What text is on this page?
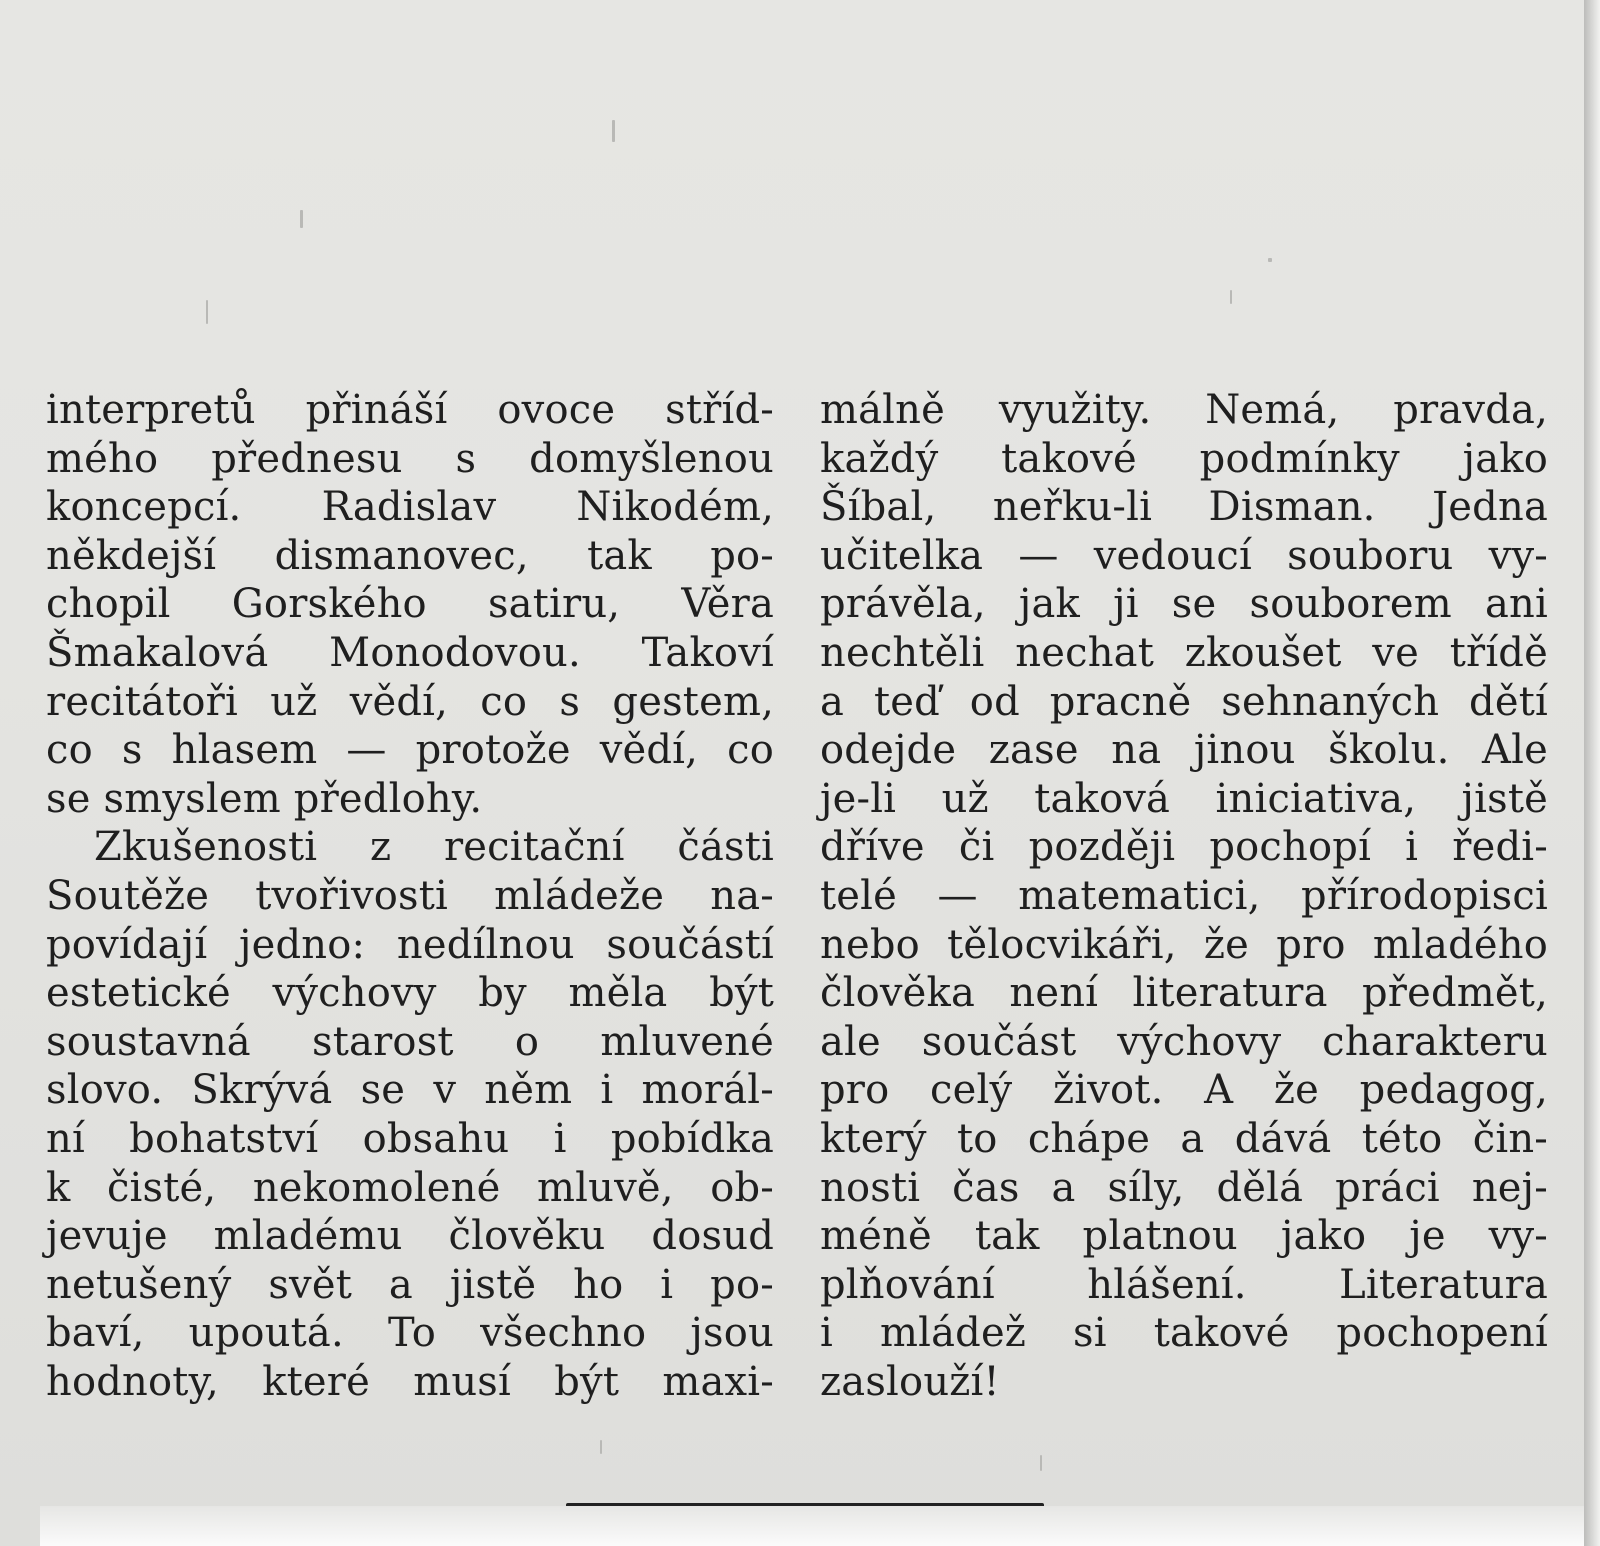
interpretů přináší ovoce stříd-
mého přednesu s domyšlenou
koncepcí. Radislav Nikodém,
někdejší dismanovec, tak po-
chopil Gorského satiru, Věra
Šmakalová Monodovou. Takoví
recitátoři už vědí, co s gestem,
co s hlasem — protože vědí, co
se smyslem předlohy.
Zkušenosti z recitační části
Soutěže tvořivosti mládeže na-
povídají jedno: nedílnou součástí
estetické výchovy by měla být
soustavná starost o mluvené
slovo. Skrývá se v něm i morál-
ní bohatství obsahu i pobídka
k čisté, nekomolené mluvě, ob-
jevuje mladému člověku dosud
netušený svět a jistě ho i po-
baví, upoutá. To všechno jsou
hodnoty, které musí být maxi-
málně využity. Nemá, pravda,
každý takové podmínky jako
Šíbal, neřku-li Disman. Jedna
učitelka — vedoucí souboru vy-
právěla, jak ji se souborem ani
nechtěli nechat zkoušet ve třídě
a teď od pracně sehnaných dětí
odejde zase na jinou školu. Ale
je-li už taková iniciativa, jistě
dříve či později pochopí i ředi-
telé — matematici, přírodopisci
nebo tělocvikáři, že pro mladého
člověka není literatura předmět,
ale součást výchovy charakteru
pro celý život. A že pedagog,
který to chápe a dává této čin-
nosti čas a síly, dělá práci nej-
méně tak platnou jako je vy-
plňování hlášení. Literatura
i mládež si takové pochopení
zaslouží!
